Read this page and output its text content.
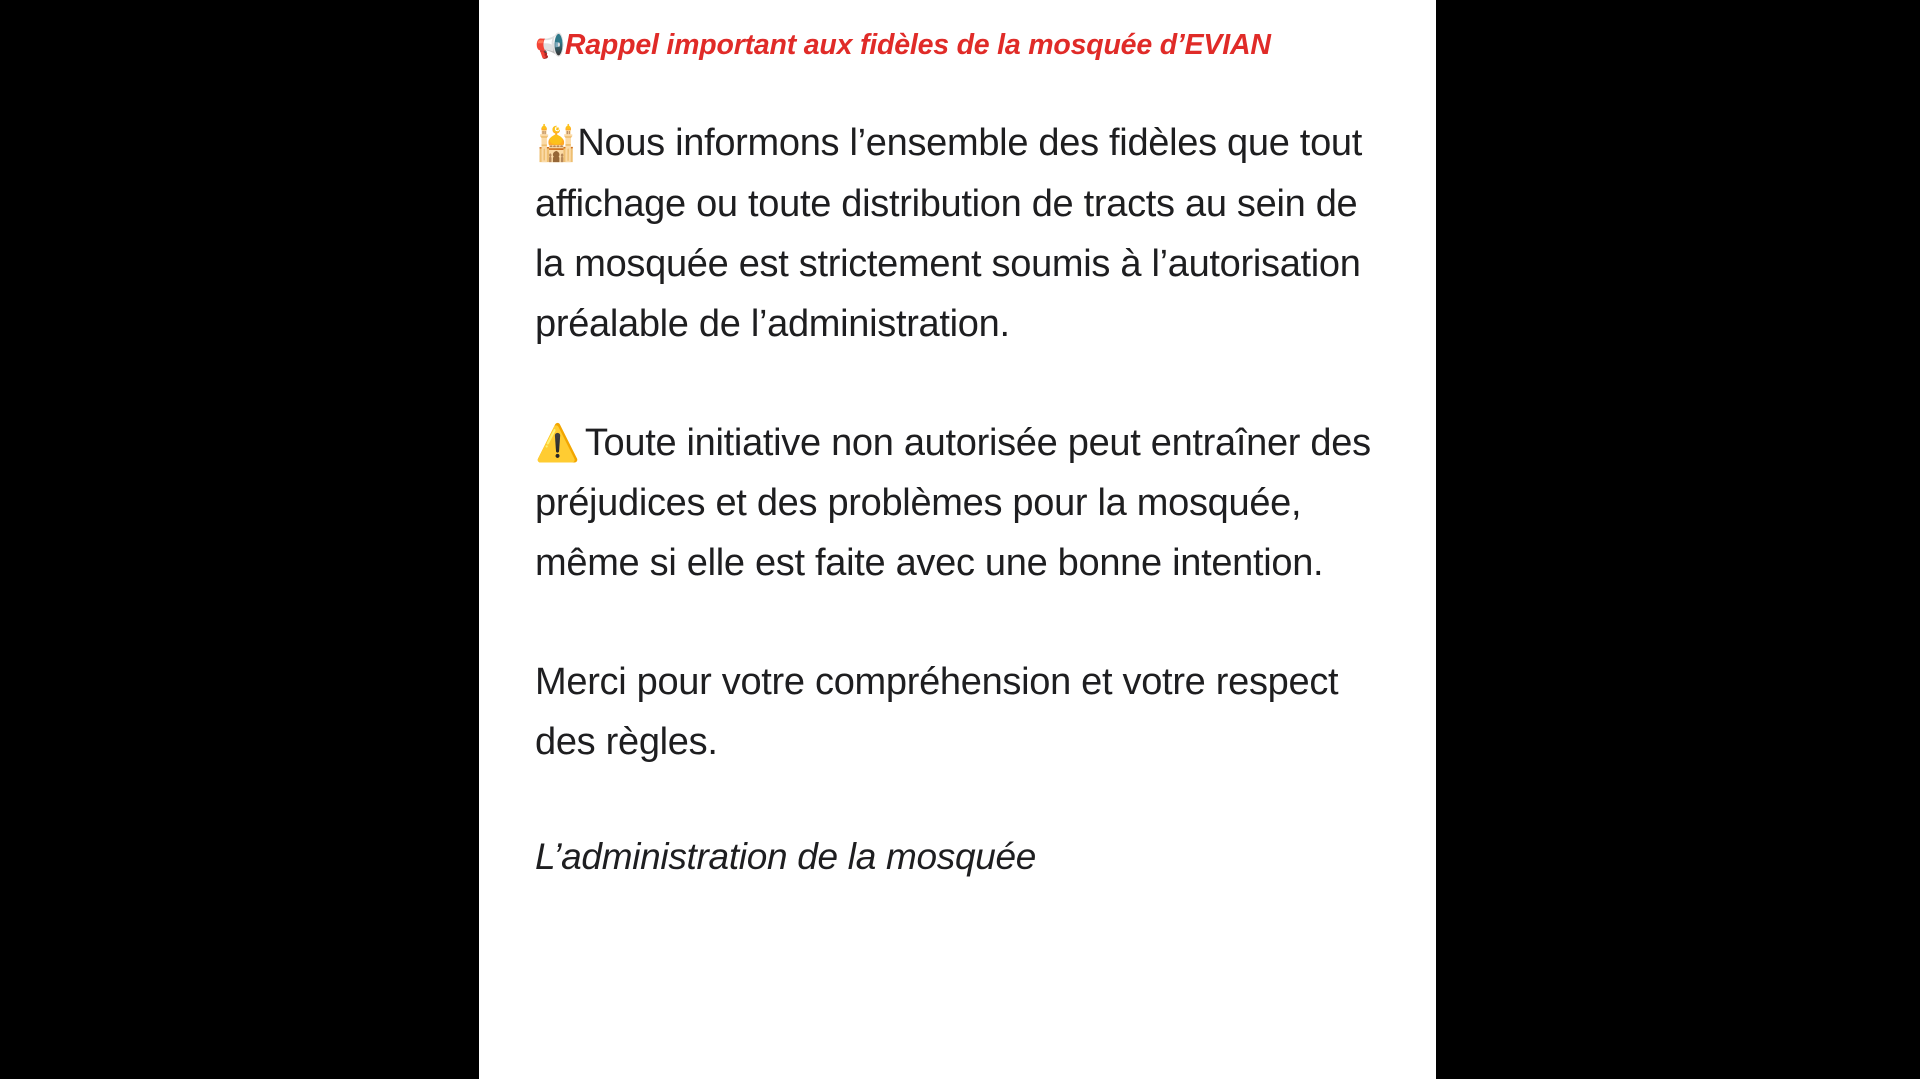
📢Rappel important aux fidèles de la mosquée d’EVIAN

🕌Nous informons l’ensemble des fidèles que tout affichage ou toute distribution de tracts au sein de la mosquée est strictement soumis à l’autorisation préalable de l’administration.

⚠️ Toute initiative non autorisée peut entraîner des préjudices et des problèmes pour la mosquée, même si elle est faite avec une bonne intention.

Merci pour votre compréhension et votre respect des règles.

L’administration de la mosquée
